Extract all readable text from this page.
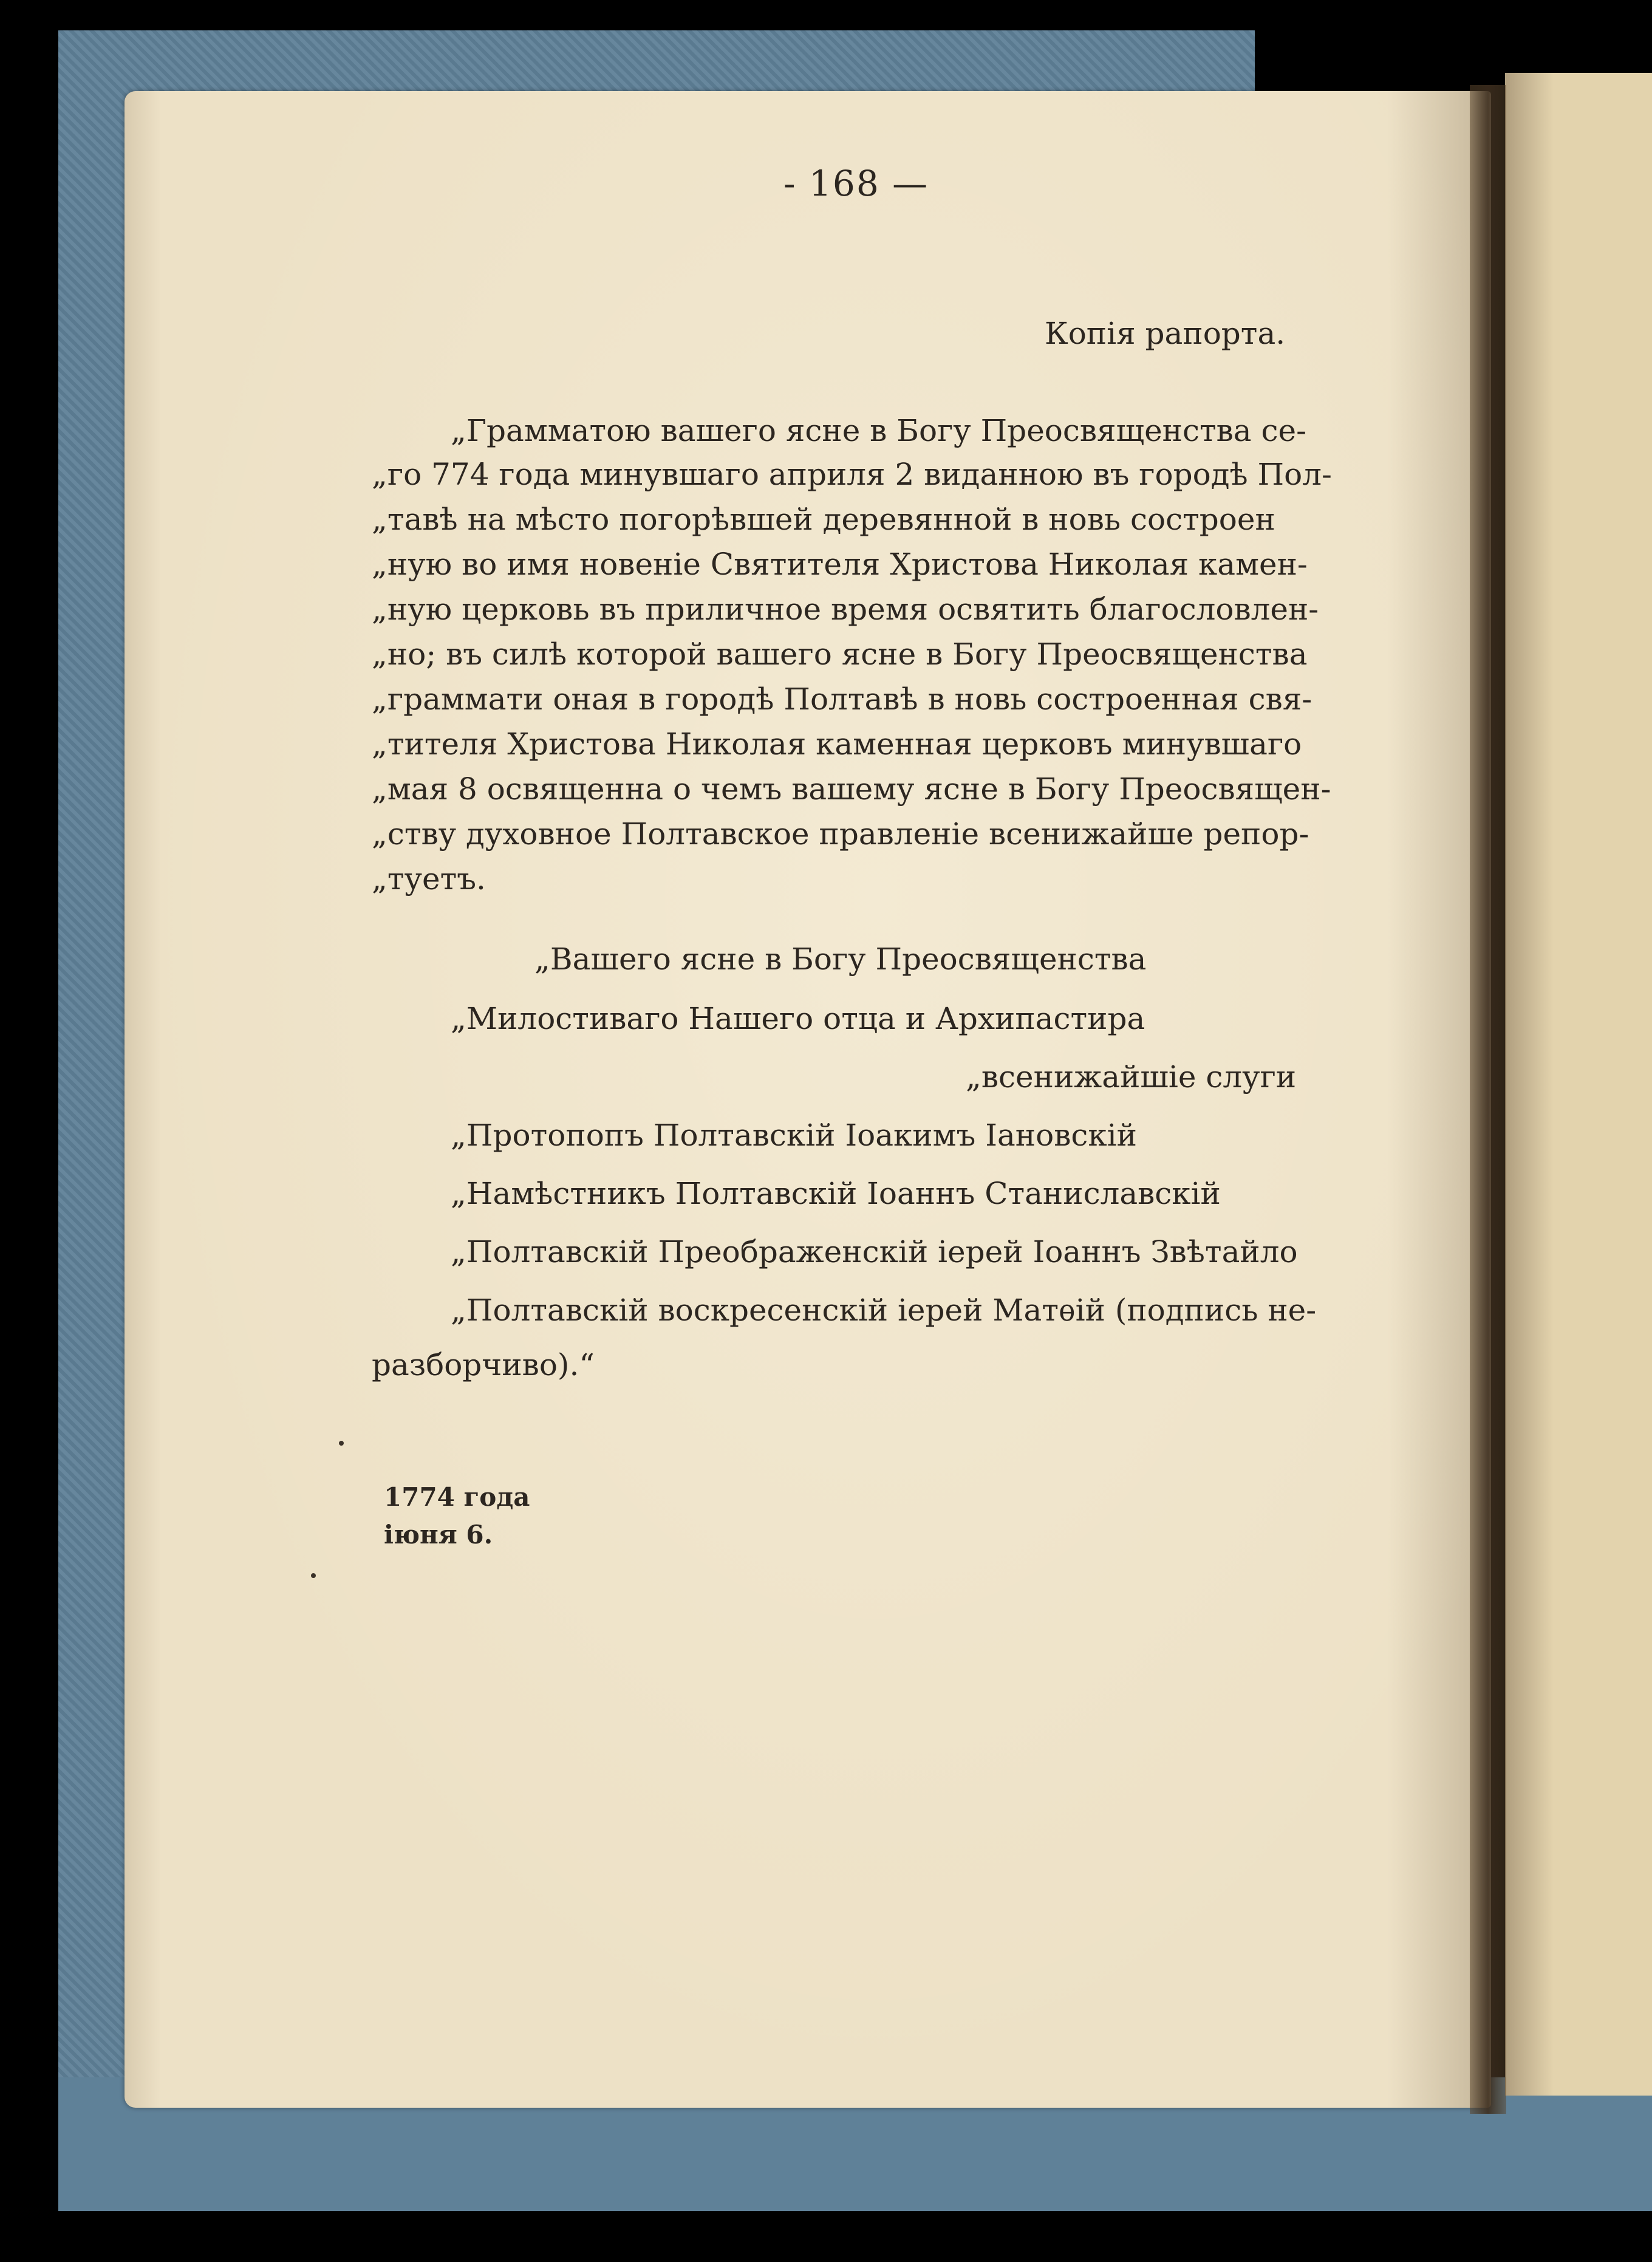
- 168 —
Копія рапорта.
„Грамматою вашего ясне в Богу Преосвященства се-
„го 774 года минувшаго априля 2 виданною въ городѣ Пол-
„тавѣ на мѣсто погорѣвшей деревянной в новь состроен
„ную во имя новеніе Святителя Христова Николая камен-
„ную церковь въ приличное время освятить благословлен-
„но; въ силѣ которой вашего ясне в Богу Преосвященства
„граммати оная в городѣ Полтавѣ в новь состроенная свя-
„тителя Христова Николая каменная церковъ минувшаго
„мая 8 освященна о чемъ вашему ясне в Богу Преосвящен-
„ству духовное Полтавское правленіе всенижайше репор-
„туетъ.
„Вашего ясне в Богу Преосвященства
„Милостиваго Нашего отца и Архипастира
„всенижайшіе слуги
„Протопопъ Полтавскій Іоакимъ Іановскій
„Намѣстникъ Полтавскій Іоаннъ Станиславскій
„Полтавскій Преображенскій іерей Іоаннъ Звѣтайло
„Полтавскій воскресенскій іерей Матѳій (подпись не-
разборчиво).“
1774 года
іюня 6.
